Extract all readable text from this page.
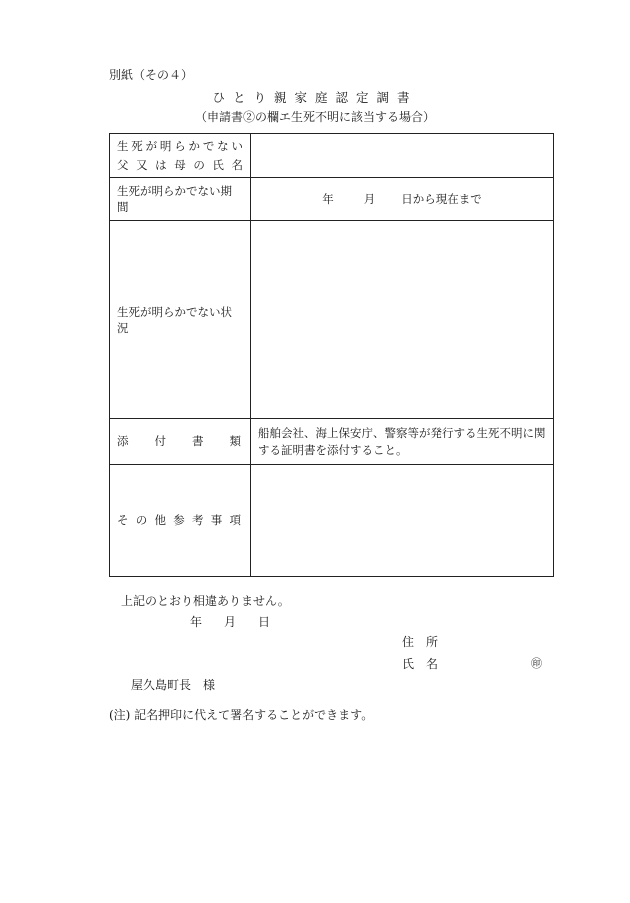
別紙（その４）
ひとり親家庭認定調書
（申請書②の欄エ生死不明に該当する場合）
生死が明らかでない
父又は母の氏名	

生死が明らかでない期間	年 月 日から現在まで
生死が明らかでない状況	

添付書類	船舶会社、海上保安庁、警察等が発行する生死不明に関する証明書を添付すること。

その他参考事項	

上記のとおり相違ありません。
年 月 日
住　所
氏　名	㊞
屋久島町長　様
(注) 記名押印に代えて署名することができます。
